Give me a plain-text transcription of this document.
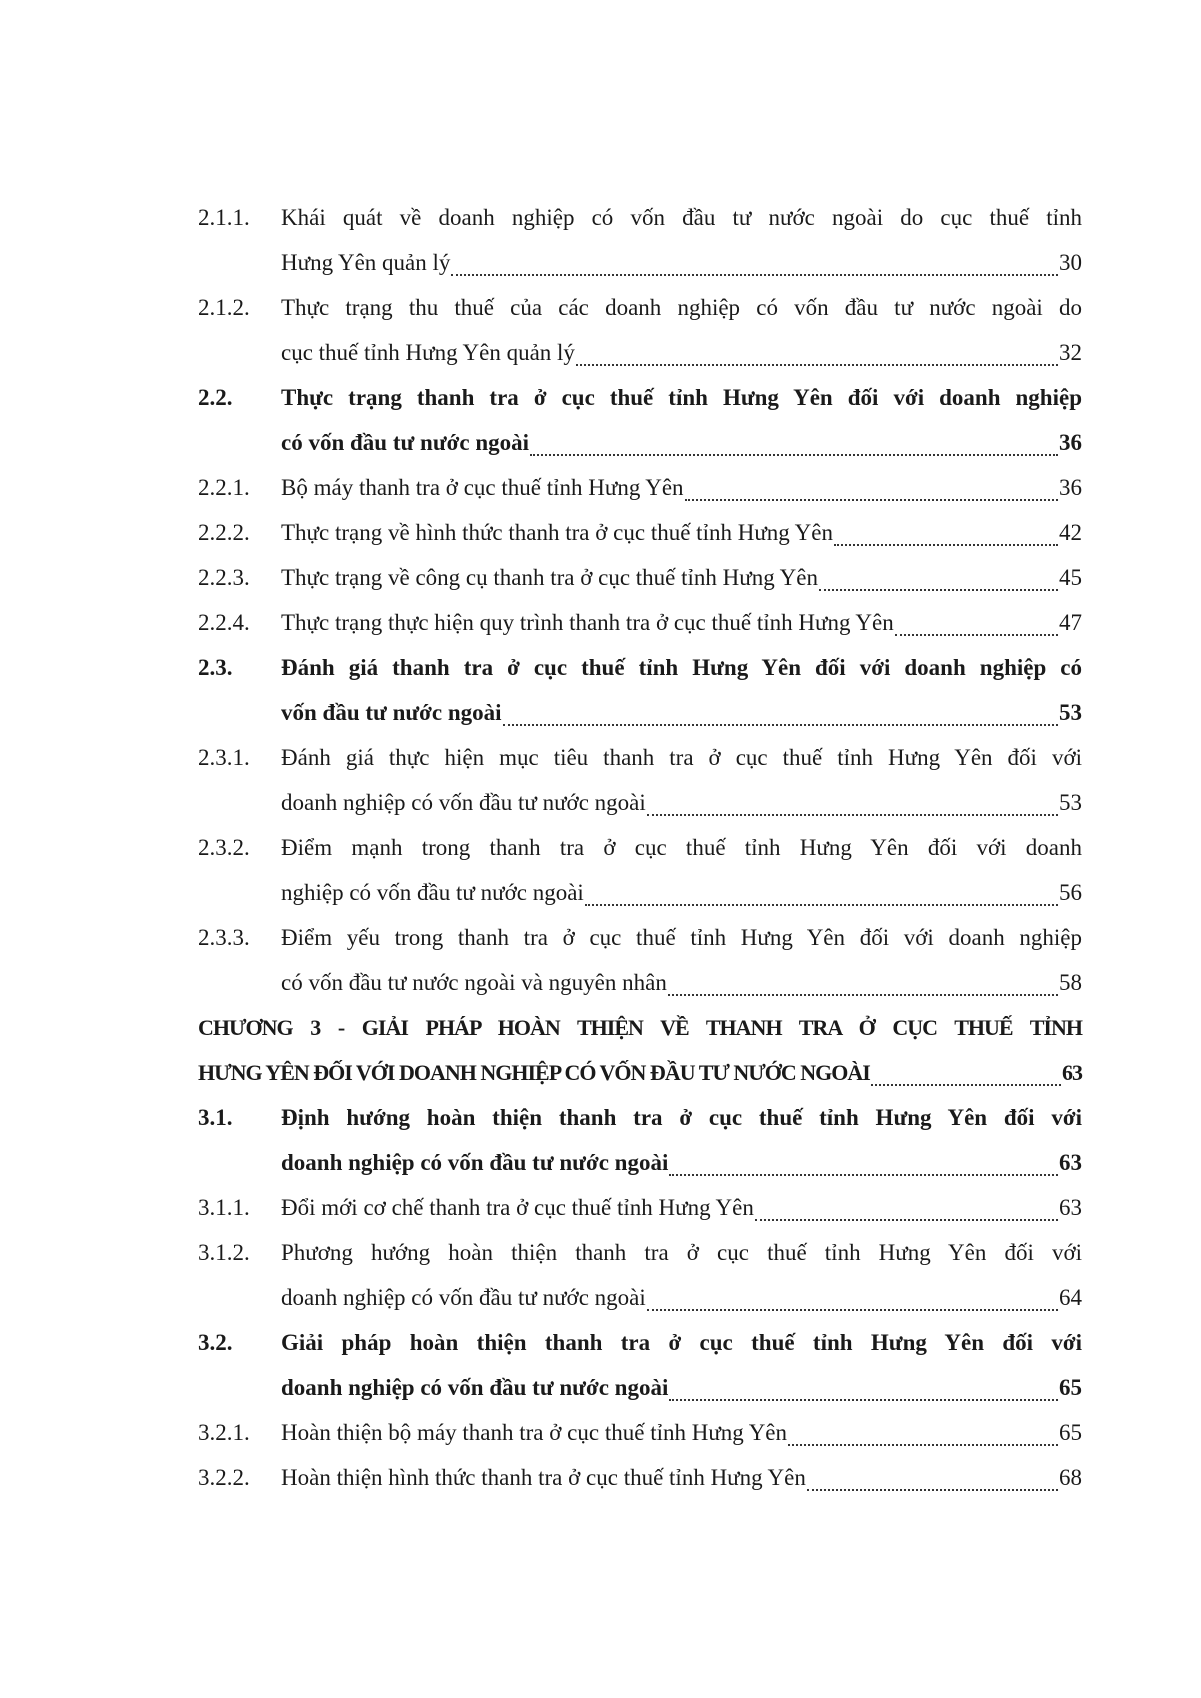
2.1.1.	Khái quát về doanh nghiệp có vốn đầu tư nước ngoài do cục thuế tỉnh
Hưng Yên quản lý	30
2.1.2.	Thực trạng thu thuế của các doanh nghiệp có vốn đầu tư nước ngoài do
cục thuế tỉnh Hưng Yên quản lý	32
2.2.	Thực trạng thanh tra ở cục thuế tỉnh Hưng Yên đối với doanh nghiệp
có vốn đầu tư nước ngoài	36
2.2.1.	Bộ máy thanh tra ở cục thuế tỉnh Hưng Yên	36
2.2.2.	Thực trạng về hình thức thanh tra ở cục thuế tỉnh Hưng Yên	42
2.2.3.	Thực trạng về công cụ thanh tra ở cục thuế tỉnh Hưng Yên	45
2.2.4.	Thực trạng thực hiện quy trình thanh tra ở cục thuế tỉnh Hưng Yên	47
2.3.	Đánh giá thanh tra ở cục thuế tỉnh Hưng Yên đối với doanh nghiệp có
vốn đầu tư nước ngoài	53
2.3.1.	Đánh giá thực hiện mục tiêu thanh tra ở cục thuế tỉnh Hưng Yên đối với
doanh nghiệp có vốn đầu tư nước ngoài	53
2.3.2.	Điểm mạnh trong thanh tra ở cục thuế tỉnh Hưng Yên đối với doanh
nghiệp có vốn đầu tư nước ngoài	56
2.3.3.	Điểm yếu trong thanh tra ở cục thuế tỉnh Hưng Yên đối với doanh nghiệp
có vốn đầu tư nước ngoài và nguyên nhân	58
CHƯƠNG 3 - GIẢI PHÁP HOÀN THIỆN VỀ THANH TRA Ở CỤC THUẾ TỈNH
HƯNG YÊN ĐỐI VỚI DOANH NGHIỆP CÓ VỐN ĐẦU TƯ NƯỚC NGOÀI	63
3.1.	Định hướng hoàn thiện thanh tra ở cục thuế tỉnh Hưng Yên đối với
doanh nghiệp có vốn đầu tư nước ngoài	63
3.1.1.	Đổi mới cơ chế thanh tra ở cục thuế tỉnh Hưng Yên	63
3.1.2.	Phương hướng hoàn thiện thanh tra ở cục thuế tỉnh Hưng Yên đối với
doanh nghiệp có vốn đầu tư nước ngoài	64
3.2.	Giải pháp hoàn thiện thanh tra ở cục thuế tỉnh Hưng Yên đối với
doanh nghiệp có vốn đầu tư nước ngoài	65
3.2.1.	Hoàn thiện bộ máy thanh tra ở cục thuế tỉnh Hưng Yên	65
3.2.2.	Hoàn thiện hình thức thanh tra ở cục thuế tỉnh Hưng Yên	68
